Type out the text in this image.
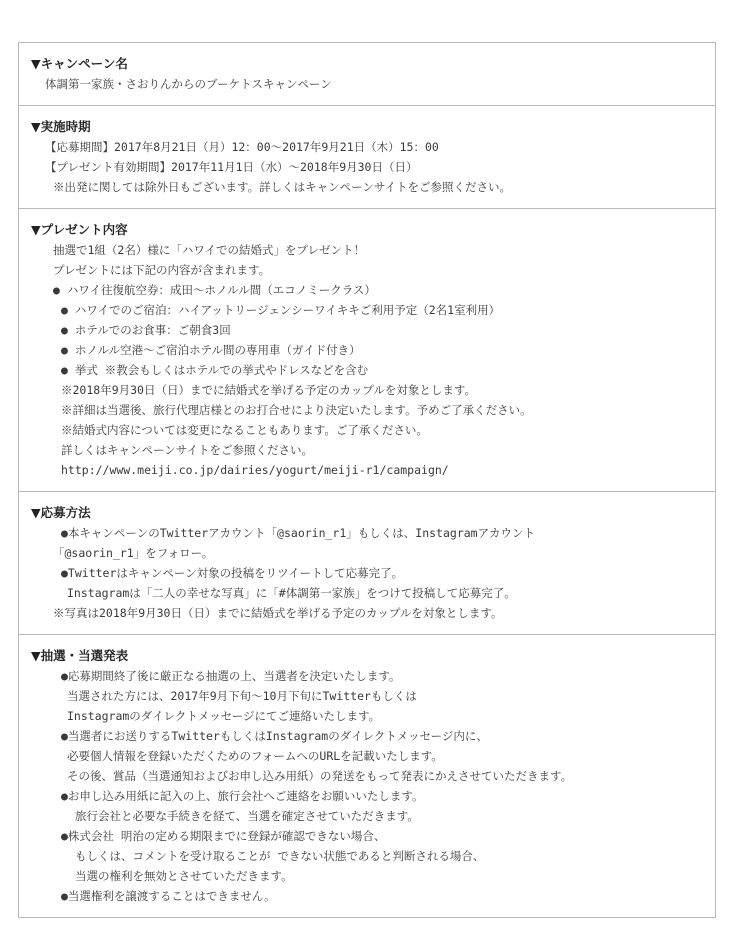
▼キャンペーン名
体調第一家族・さおりんからのブーケトスキャンペーン
▼実施時期
【応募期間】2017年8月21日（月）12：00～2017年9月21日（木）15：00
【プレゼント有効期間】2017年11月1日（水）～2018年9月30日（日）
※出発に関しては除外日もございます。詳しくはキャンペーンサイトをご参照ください。
▼プレゼント内容
抽選で1組（2名）様に「ハワイでの結婚式」をプレゼント！
プレゼントには下記の内容が含まれます。
● ハワイ往復航空券：成田～ホノルル間（エコノミークラス）
● ハワイでのご宿泊：ハイアットリージェンシーワイキキご利用予定（2名1室利用）
● ホテルでのお食事：ご朝食3回
● ホノルル空港～ご宿泊ホテル間の専用車（ガイド付き）
● 挙式 ※教会もしくはホテルでの挙式やドレスなどを含む
※2018年9月30日（日）までに結婚式を挙げる予定のカップルを対象とします。
※詳細は当選後、旅行代理店様とのお打合せにより決定いたします。予めご了承ください。
※結婚式内容については変更になることもあります。ご了承ください。
詳しくはキャンペーンサイトをご参照ください。
http://www.meiji.co.jp/dairies/yogurt/meiji-r1/campaign/
▼応募方法
●本キャンペーンのTwitterアカウント「@saorin_r1」もしくは、Instagramアカウント
「@saorin_r1」をフォロー。
●Twitterはキャンペーン対象の投稿をリツイートして応募完了。
Instagramは「二人の幸せな写真」に「#体調第一家族」をつけて投稿して応募完了。
※写真は2018年9月30日（日）までに結婚式を挙げる予定のカップルを対象とします。
▼抽選・当選発表
●応募期間終了後に厳正なる抽選の上、当選者を決定いたします。
当選された方には、2017年9月下旬～10月下旬にTwitterもしくは
Instagramのダイレクトメッセージにてご連絡いたします。
●当選者にお送りするTwitterもしくはInstagramのダイレクトメッセージ内に、
必要個人情報を登録いただくためのフォームへのURLを記載いたします。
その後、賞品（当選通知およびお申し込み用紙）の発送をもって発表にかえさせていただきます。
●お申し込み用紙に記入の上、旅行会社へご連絡をお願いいたします。
旅行会社と必要な手続きを経て、当選を確定させていただきます。
●株式会社 明治の定める期限までに登録が確認できない場合、
もしくは、コメントを受け取ることが できない状態であると判断される場合、
当選の権利を無効とさせていただきます。
●当選権利を譲渡することはできません。
